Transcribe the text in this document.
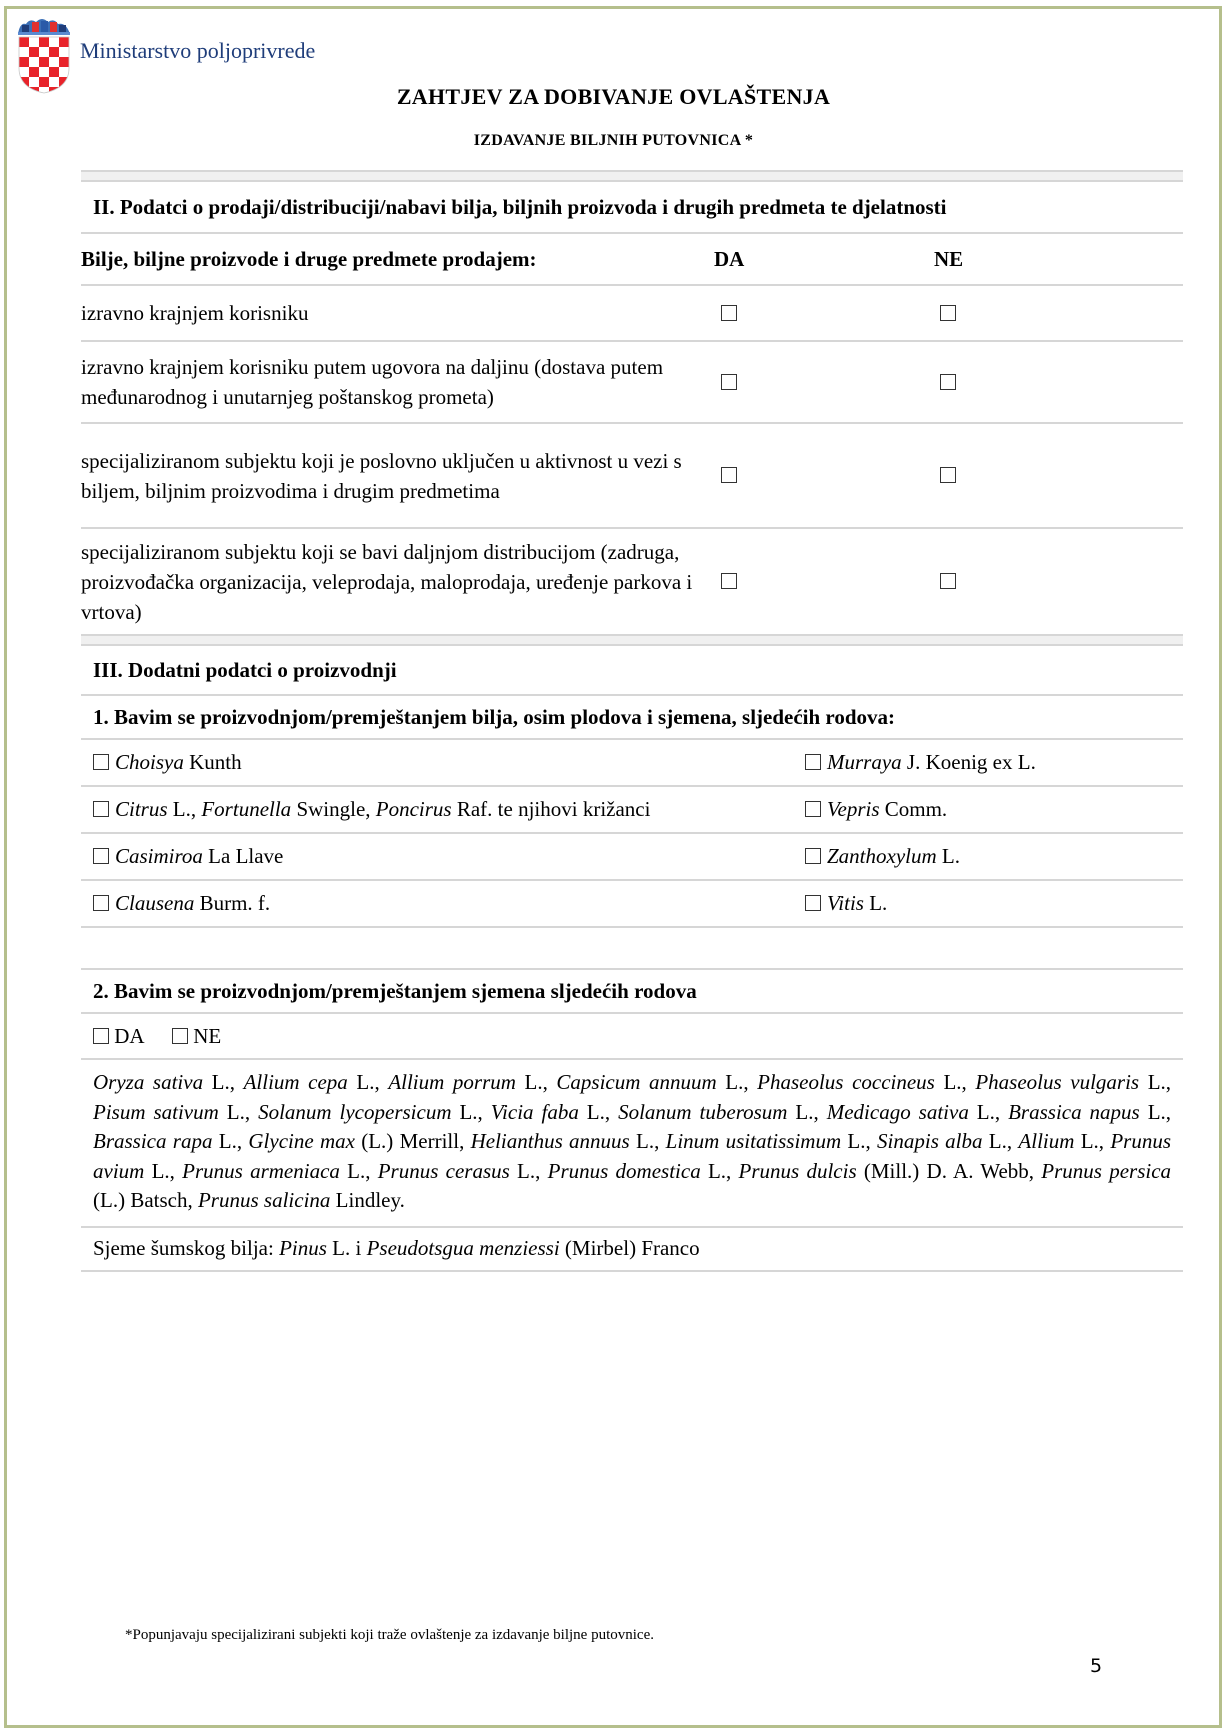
Ministarstvo poljoprivrede
ZAHTJEV ZA DOBIVANJE OVLAŠTENJA
IZDAVANJE BILJNIH PUTOVNICA *
II. Podatci o prodaji/distribuciji/nabavi bilja, biljnih proizvoda i drugih predmeta te djelatnosti
Bilje, biljne proizvode i druge predmete prodajem:	DA	NE
izravno krajnjem korisniku
izravno krajnjem korisniku putem ugovora na daljinu (dostava putem međunarodnog i unutarnjeg poštanskog prometa)
specijaliziranom subjektu koji je poslovno uključen u aktivnost u vezi s biljem, biljnim proizvodima i drugim predmetima
specijaliziranom subjektu koji se bavi daljnjom distribucijom (zadruga, proizvođačka organizacija, veleprodaja, maloprodaja, uređenje parkova i vrtova)
III. Dodatni podatci o proizvodnji
1. Bavim se proizvodnjom/premještanjem bilja, osim plodova i sjemena, sljedećih rodova:
Choisya Kunth	Murraya J. Koenig ex L.
Citrus L., Fortunella Swingle, Poncirus Raf. te njihovi križanci	Vepris Comm.
Casimiroa La Llave	Zanthoxylum L.
Clausena Burm. f.	Vitis L.
2. Bavim se proizvodnjom/premještanjem sjemena sljedećih rodova
DA NE
Oryza sativa L., Allium cepa L., Allium porrum L., Capsicum annuum L., Phaseolus coccineus L., Phaseolus vulgaris L., Pisum sativum L., Solanum lycopersicum L., Vicia faba L., Solanum tuberosum L., Medicago sativa L., Brassica napus L., Brassica rapa L., Glycine max (L.) Merrill, Helianthus annuus L., Linum usitatissimum L., Sinapis alba L., Allium L., Prunus avium L., Prunus armeniaca L., Prunus cerasus L., Prunus domestica L., Prunus dulcis (Mill.) D. A. Webb, Prunus persica (L.) Batsch, Prunus salicina Lindley.
Sjeme šumskog bilja: Pinus L. i Pseudotsgua menziessi (Mirbel) Franco
*Popunjavaju specijalizirani subjekti koji traže ovlaštenje za izdavanje biljne putovnice.
5
